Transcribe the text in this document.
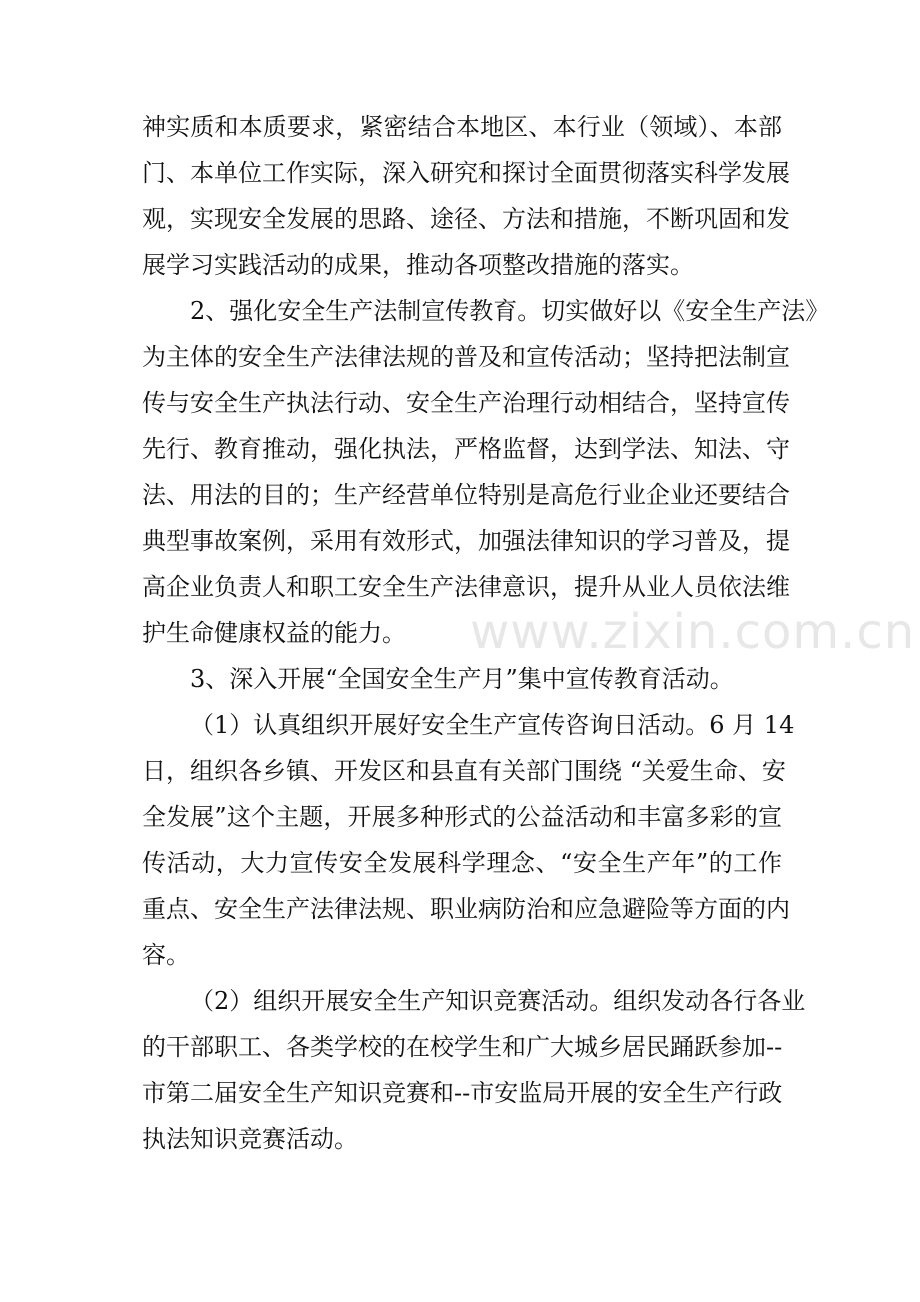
神实质和本质要求，紧密结合本地区、本行业（领域）、本部
门、本单位工作实际，深入研究和探讨全面贯彻落实科学发展
观，实现安全发展的思路、途径、方法和措施，不断巩固和发
展学习实践活动的成果，推动各项整改措施的落实。
2、强化安全生产法制宣传教育。切实做好以《安全生产法》
为主体的安全生产法律法规的普及和宣传活动；坚持把法制宣
传与安全生产执法行动、安全生产治理行动相结合，坚持宣传
先行、教育推动，强化执法，严格监督，达到学法、知法、守
法、用法的目的；生产经营单位特别是高危行业企业还要结合
典型事故案例，采用有效形式，加强法律知识的学习普及，提
高企业负责人和职工安全生产法律意识，提升从业人员依法维
护生命健康权益的能力。
3、深入开展“全国安全生产月”集中宣传教育活动。
（1）认真组织开展好安全生产宣传咨询日活动。6 月 14
日，组织各乡镇、开发区和县直有关部门围绕 “关爱生命、安
全发展”这个主题，开展多种形式的公益活动和丰富多彩的宣
传活动，大力宣传安全发展科学理念、“安全生产年”的工作
重点、安全生产法律法规、职业病防治和应急避险等方面的内
容。
（2）组织开展安全生产知识竞赛活动。组织发动各行各业
的干部职工、各类学校的在校学生和广大城乡居民踊跃参加--
市第二届安全生产知识竞赛和--市安监局开展的安全生产行政
执法知识竞赛活动。
www.zixin.com.cn
